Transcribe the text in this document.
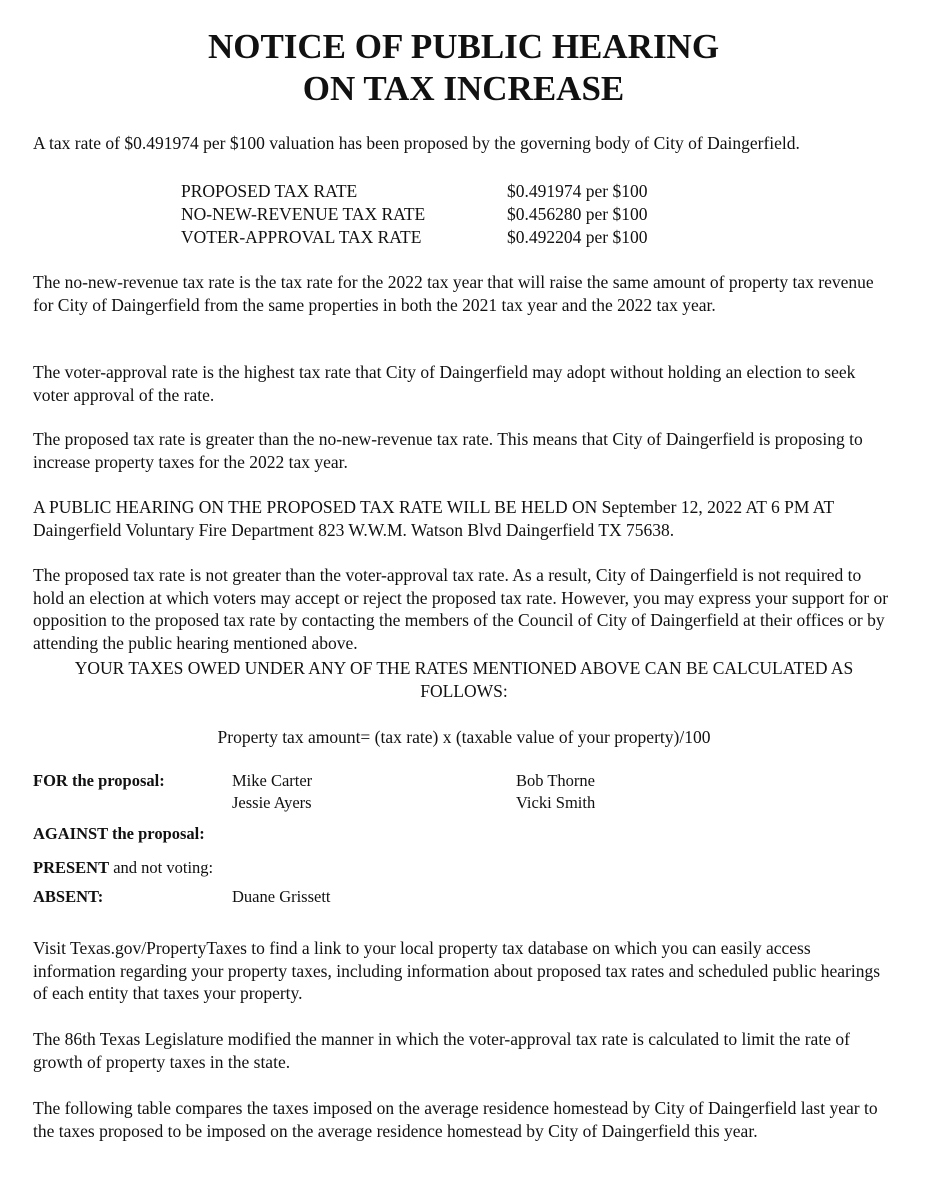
NOTICE OF PUBLIC HEARING
ON TAX INCREASE

A tax rate of $0.491974 per $100 valuation has been proposed by the governing body of City of Daingerfield.

PROPOSED TAX RATE	$0.491974 per $100
NO-NEW-REVENUE TAX RATE	$0.456280 per $100
VOTER-APPROVAL TAX RATE	$0.492204 per $100

The no-new-revenue tax rate is the tax rate for the 2022 tax year that will raise the same amount of property tax revenue for City of Daingerfield from the same properties in both the 2021 tax year and the 2022 tax year.

The voter-approval rate is the highest tax rate that City of Daingerfield may adopt without holding an election to seek voter approval of the rate.

The proposed tax rate is greater than the no-new-revenue tax rate. This means that City of Daingerfield is proposing to increase property taxes for the 2022 tax year.

A PUBLIC HEARING ON THE PROPOSED TAX RATE WILL BE HELD ON September 12, 2022 AT 6 PM AT Daingerfield Voluntary Fire Department 823 W.W.M. Watson Blvd Daingerfield TX 75638.

The proposed tax rate is not greater than the voter-approval tax rate. As a result, City of Daingerfield is not required to hold an election at which voters may accept or reject the proposed tax rate. However, you may express your support for or opposition to the proposed tax rate by contacting the members of the Council of City of Daingerfield at their offices or by attending the public hearing mentioned above.

YOUR TAXES OWED UNDER ANY OF THE RATES MENTIONED ABOVE CAN BE CALCULATED AS FOLLOWS:

Property tax amount= (tax rate) x (taxable value of your property)/100

FOR the proposal:	Mike Carter	Bob Thorne
Jessie Ayers	Vicki Smith
AGAINST the proposal:
PRESENT and not voting:
ABSENT:	Duane Grissett

Visit Texas.gov/PropertyTaxes to find a link to your local property tax database on which you can easily access information regarding your property taxes, including information about proposed tax rates and scheduled public hearings of each entity that taxes your property.

The 86th Texas Legislature modified the manner in which the voter-approval tax rate is calculated to limit the rate of growth of property taxes in the state.

The following table compares the taxes imposed on the average residence homestead by City of Daingerfield last year to the taxes proposed to be imposed on the average residence homestead by City of Daingerfield this year.
